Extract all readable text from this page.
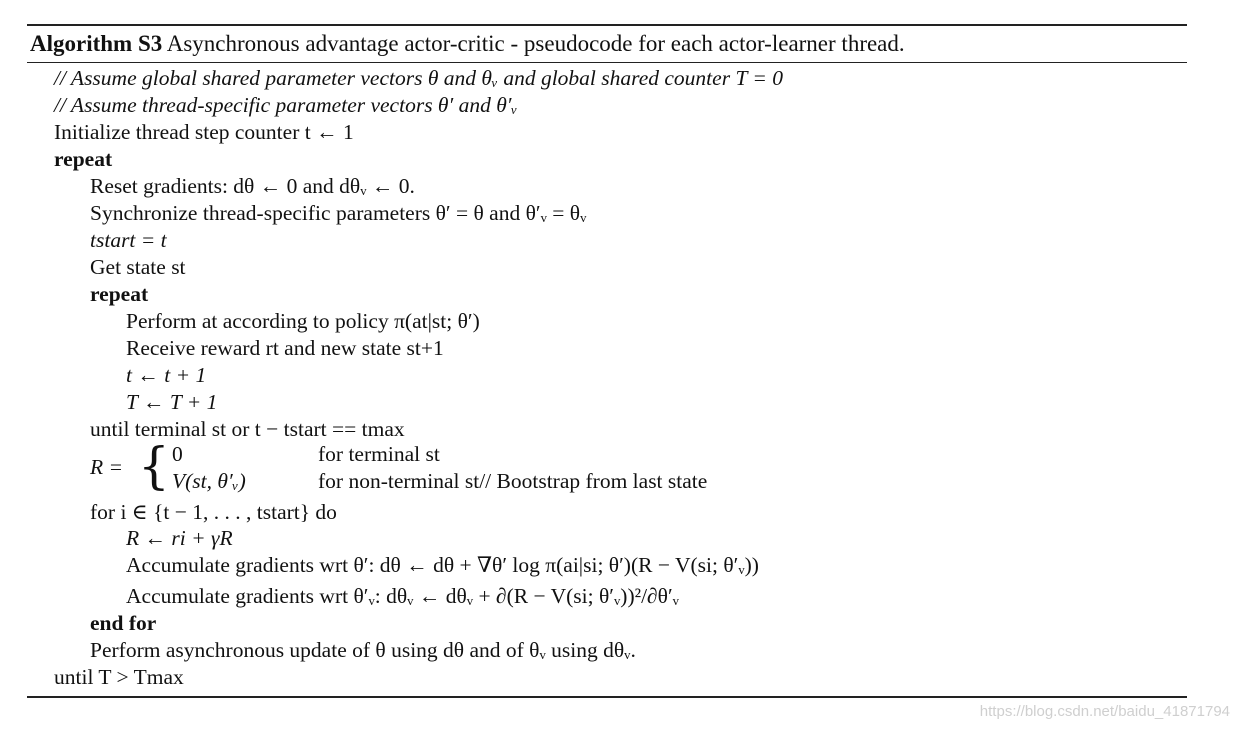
Algorithm S3 Asynchronous advantage actor-critic - pseudocode for each actor-learner thread.
// Assume global shared parameter vectors θ and θᵥ and global shared counter T = 0
// Assume thread-specific parameter vectors θ′ and θ′ᵥ
Initialize thread step counter t ← 1
repeat
Reset gradients: dθ ← 0 and dθᵥ ← 0.
Synchronize thread-specific parameters θ′ = θ and θ′ᵥ = θᵥ
tstart = t
Get state st
repeat
Perform at according to policy π(at|st; θ′)
Receive reward rt and new state st+1
t ← t + 1
T ← T + 1
until terminal st or t − tstart == tmax
R = { 0	for terminal st
V(st, θ′ᵥ)	for non-terminal st// Bootstrap from last state
for i ∈ {t − 1, . . . , tstart} do
R ← ri + γR
Accumulate gradients wrt θ′: dθ ← dθ + ∇θ′ log π(ai|si; θ′)(R − V(si; θ′ᵥ))
Accumulate gradients wrt θ′ᵥ: dθᵥ ← dθᵥ + ∂(R − V(si; θ′ᵥ))²/∂θ′ᵥ
end for
Perform asynchronous update of θ using dθ and of θᵥ using dθᵥ.
until T > Tmax
https://blog.csdn.net/baidu_41871794
